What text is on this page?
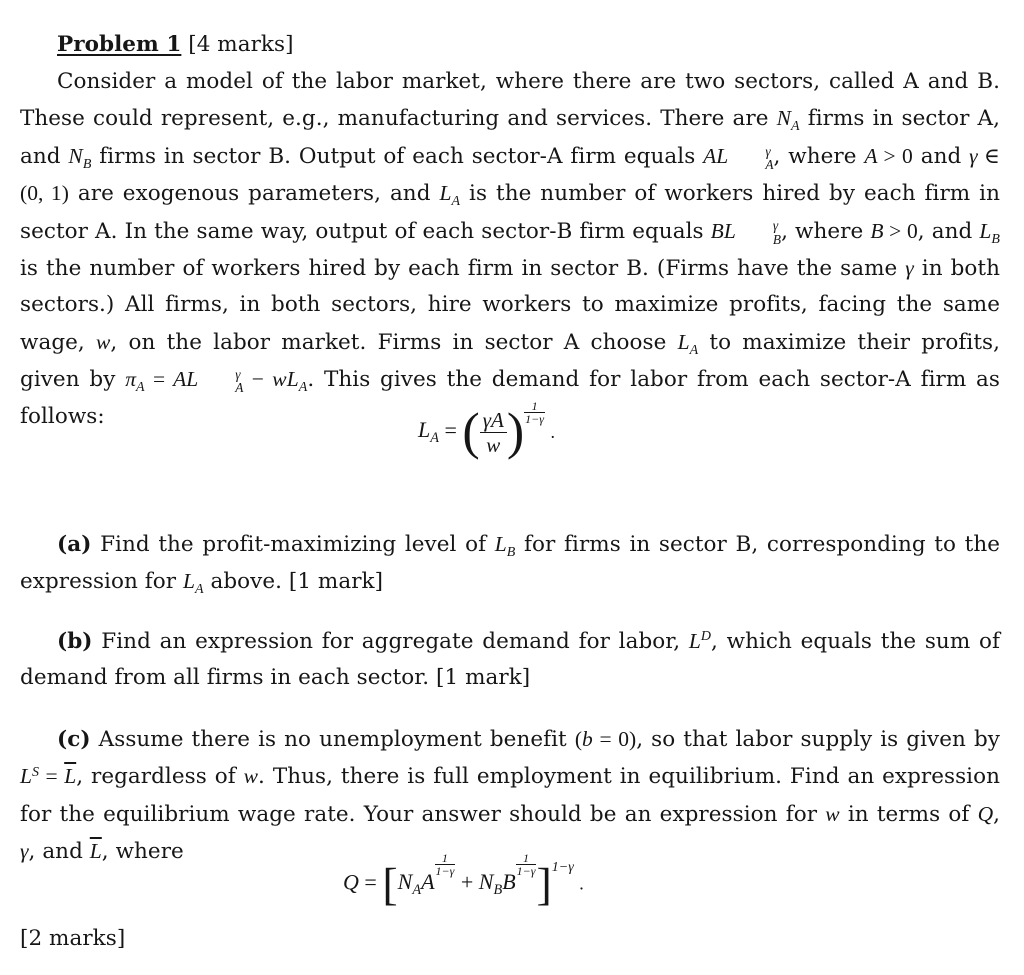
Problem 1 [4 marks]
Consider a model of the labor market, where there are two sectors, called A and B. These could represent, e.g., manufacturing and services. There are $N_A$ firms in sector A, and $N_B$ firms in sector B. Output of each sector-A firm equals AL	γ
A , where A > 0 and γ ∈ (0, 1) are exogenous parameters, and $L_A$ is the number of workers hired by each firm in sector A. In the same way, output of each sector-B firm equals BL	γ
B , where B > 0, and $L_B$ is the number of workers hired by each firm in sector B. (Firms have the same γ in both sectors.) All firms, in both sectors, hire workers to maximize profits, facing the same wage, w, on the labor market. Firms in sector A choose $L_A$ to maximize their profits, given by $\pi_A$ = AL	γ
$A - wL_A$. This gives the demand for labor from each sector-A firm as follows:
$L_A$ = ( $\frac{\gamma A}{w}$ ) $\frac{1}{1-\gamma}$
.
(a) Find the profit-maximizing level of $L_B$ for firms in sector B, corresponding to the expression for $L_A$ above. [1 mark]
(b) Find an expression for aggregate demand for labor, $L^D$, which equals the sum of demand from all firms in each sector. [1 mark]
(c) Assume there is no unemployment benefit (b = 0), so that labor supply is given by $L^S = \overline{L}$, regardless of w. Thus, there is full employment in equilibrium. Find an expression for the equilibrium wage rate. Your answer should be an expression for w in terms of Q, γ, and $\overline{L}$, where
$Q = [N_AA$
$\frac{1}{1-\gamma}$
+ $N_BB$
$\frac{1}{1-\gamma} ]^{1-\gamma}$ .
[2 marks]
